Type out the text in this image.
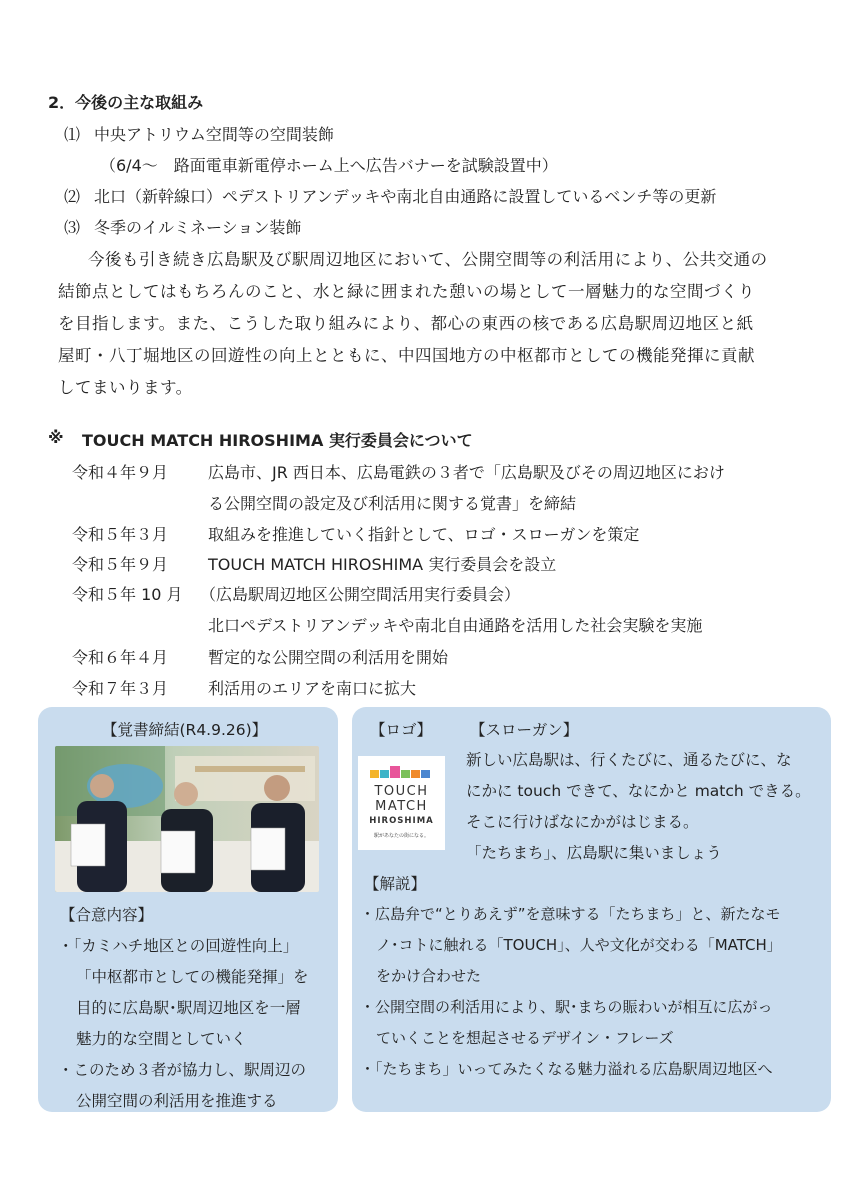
2．今後の主な取組み
⑴ 中央アトリウム空間等の空間装飾
（6/4～　路面電車新電停ホーム上へ広告バナーを試験設置中）
⑵ 北口（新幹線口）ペデストリアンデッキや南北自由通路に設置しているベンチ等の更新
⑶ 冬季のイルミネーション装飾
今後も引き続き広島駅及び駅周辺地区において、公開空間等の利活用により、公共交通の
結節点としてはもちろんのこと、水と緑に囲まれた憩いの場として一層魅力的な空間づくり
を目指します。また、こうした取り組みにより、都心の東西の核である広島駅周辺地区と紙
屋町・八丁堀地区の回遊性の向上とともに、中四国地方の中枢都市としての機能発揮に貢献
してまいります。
※ TOUCH MATCH HIROSHIMA 実行委員会について
令和４年９月 広島市、JR 西日本、広島電鉄の３者で「広島駅及びその周辺地区におけ
る公開空間の設定及び利活用に関する覚書」を締結
令和５年３月 取組みを推進していく指針として、ロゴ・スローガンを策定
令和５年９月 TOUCH MATCH HIROSHIMA 実行委員会を設立
令和５年 10 月 （広島駅周辺地区公開空間活用実行委員会）
北口ペデストリアンデッキや南北自由通路を活用した社会実験を実施
令和６年４月 暫定的な公開空間の利活用を開始
令和７年３月 利活用のエリアを南口に拡大
【覚書締結(R4.9.26)】
【合意内容】
・「カミハチ地区との回遊性向上」
「中枢都市としての機能発揮」を
目的に広島駅･駅周辺地区を一層
魅力的な空間としていく
・このため３者が協力し、駅周辺の
公開空間の利活用を推進する
【ロゴ】 【スローガン】
TOUCH
MATCH
HIROSHIMA
駅があなたの街になる。
新しい広島駅は、行くたびに、通るたびに、な
にかに touch できて、なにかと match できる。
そこに行けばなにかがはじまる。
「たちまち」、広島駅に集いましょう
【解説】
・広島弁で“とりあえず”を意味する「たちまち」と、新たなモ
ノ･コトに触れる「TOUCH」、人や文化が交わる「MATCH」
をかけ合わせた
・公開空間の利活用により、駅･まちの賑わいが相互に広がっ
ていくことを想起させるデザイン・フレーズ
・「たちまち」いってみたくなる魅力溢れる広島駅周辺地区へ
